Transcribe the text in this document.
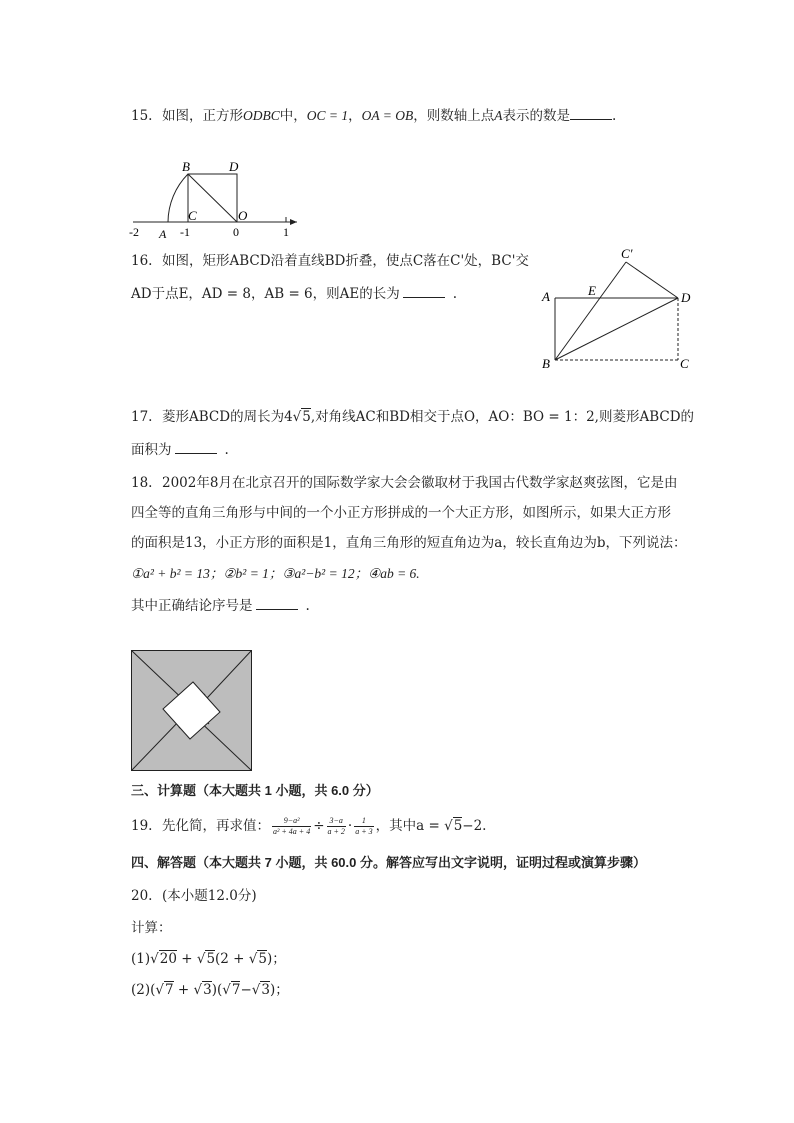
15. 如图，正方形ODBC中，OC = 1，OA = OB，则数轴上点A表示的数是	.
B	D
C	O
A
-2	-1	0	1
16. 如图，矩形ABCD沿着直线BD折叠，使点C落在C'处，BC'交
AD于点E，AD = 8，AB = 6，则AE的长为	.
C'
A	E	D
B	C
17. 菱形ABCD的周长为4√5,对角线AC和BD相交于点O，AO：BO = 1：2,则菱形ABCD的
面积为	.
18. 2002年8月在北京召开的国际数学家大会会徽取材于我国古代数学家赵爽弦图，它是由
四全等的直角三角形与中间的一个小正方形拼成的一个大正方形，如图所示，如果大正方形
的面积是13，小正方形的面积是1，直角三角形的短直角边为a，较长直角边为b，下列说法：
①a² + b² = 13；②b² = 1；③a²−b² = 12；④ab = 6.
其中正确结论序号是	.
三、计算题（本大题共 1 小题，共 6.0 分）
19. 先化简，再求值： $\frac{\text{9−a²}}{\text{a² + 4a + 4}} \div \frac{3-a}{a + 2} \cdot \frac{1}{a + 3}$ ，其中a = √5−2.
四、解答题（本大题共 7 小题，共 60.0 分。解答应写出文字说明，证明过程或演算步骤）
20. (本小题12.0分)
计算：
(1)√20 + √5(2 + √5)；
(2)(√7 + √3)(√7−√3)；
